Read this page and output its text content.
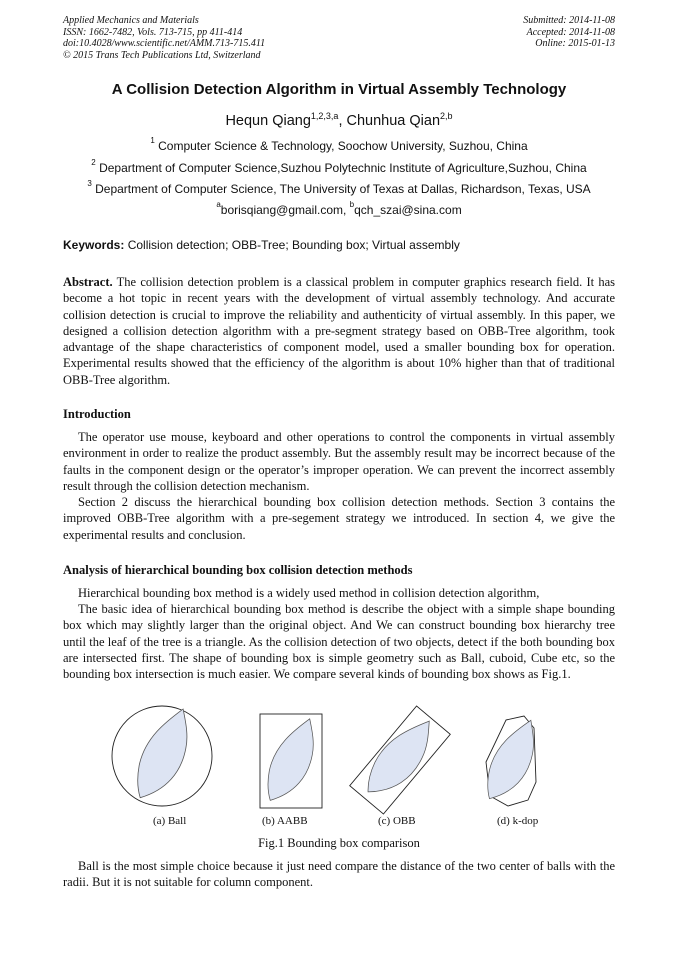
Applied Mechanics and Materials
ISSN: 1662-7482, Vols. 713-715, pp 411-414
doi:10.4028/www.scientific.net/AMM.713-715.411
© 2015 Trans Tech Publications Ltd, Switzerland
Submitted: 2014-11-08
Accepted: 2014-11-08
Online: 2015-01-13
A Collision Detection Algorithm in Virtual Assembly Technology
Hequn Qiang$^{1,2,3,a}$, Chunhua Qian$^{2,b}$
$^1$ Computer Science & Technology, Soochow University, Suzhou, China
$^2$ Department of Computer Science,Suzhou Polytechnic Institute of Agriculture,Suzhou, China
$^3$ Department of Computer Science, The University of Texas at Dallas, Richardson, Texas, USA
$^a$borisqiang@gmail.com, $^b$qch_szai@sina.com
Keywords: Collision detection; OBB-Tree; Bounding box; Virtual assembly
Abstract. The collision detection problem is a classical problem in computer graphics research field. It has become a hot topic in recent years with the development of virtual assembly technology. And accurate collision detection is crucial to improve the reliability and authenticity of virtual assembly. In this paper, we designed a collision detection algorithm with a pre-segment strategy based on OBB-Tree algorithm, took advantage of the shape characteristics of component model, used a smaller bounding box for operation. Experimental results showed that the efficiency of the algorithm is about 10% higher than that of traditional OBB-Tree algorithm.
Introduction
The operator use mouse, keyboard and other operations to control the components in virtual assembly environment in order to realize the product assembly. But the assembly result may be incorrect because of the faults in the component design or the operator’s improper operation. We can prevent the incorrect assembly result through the collision detection mechanism.
Section 2 discuss the hierarchical bounding box collision detection methods. Section 3 contains the improved OBB-Tree algorithm with a pre-segement strategy we introduced. In section 4, we give the experimental results and conclusion.
Analysis of hierarchical bounding box collision detection methods
Hierarchical bounding box method is a widely used method in collision detection algorithm,
The basic idea of hierarchical bounding box method is describe the object with a simple shape bounding box which may slightly larger than the original object. And We can construct bounding box hierarchy tree until the leaf of the tree is a triangle. As the collision detection of two objects, detect if the both bounding box are intersected first. The shape of bounding box is simple geometry such as Ball, cuboid, Cube etc, so the bounding box intersection is much easier. We compare several kinds of bounding box shows as Fig.1.
(a) Ball	(b) AABB	(c) OBB	(d) k-dop
Fig.1 Bounding box comparison
Ball is the most simple choice because it just need compare the distance of the two center of balls with the radii. But it is not suitable for column component.
